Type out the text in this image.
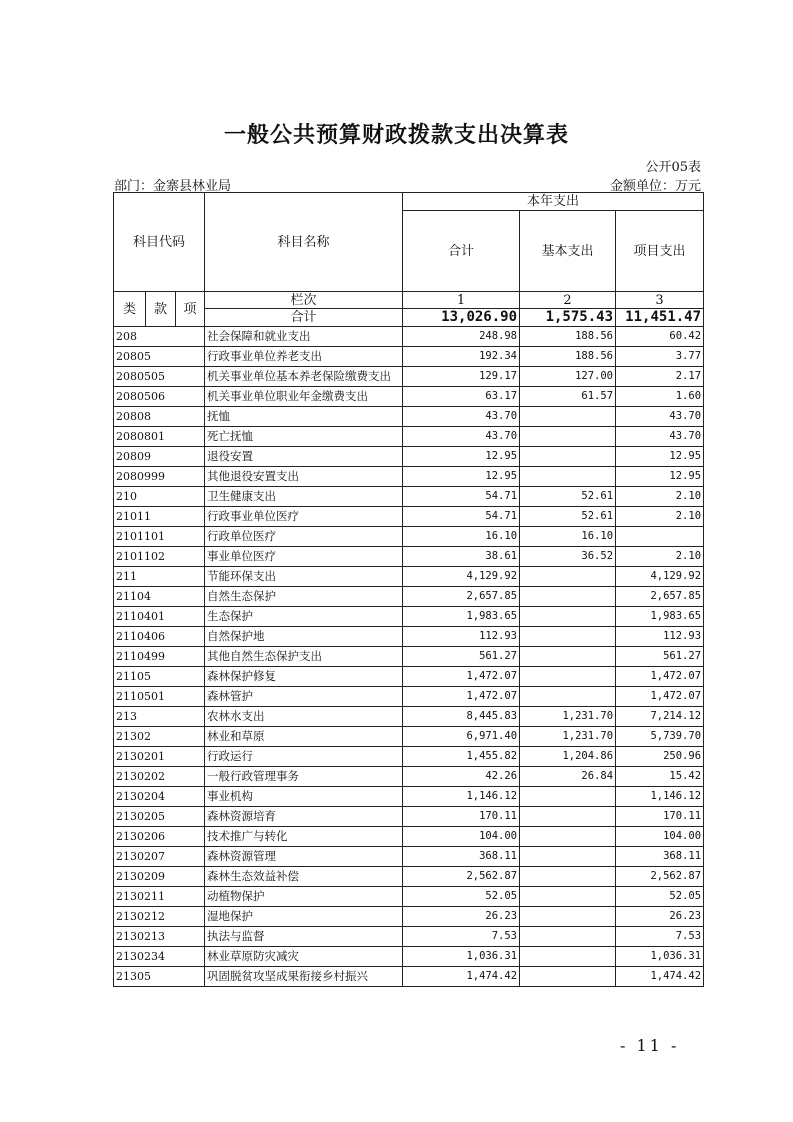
一般公共预算财政拨款支出决算表
公开05表
部门：金寨县林业局	金额单位：万元
科目代码			科目名称	本年支出		
				合计	基本支出	项目支出

类	款	项	栏次	1	2	3
			合计	13,026.90	1,575.43	11,451.47
208			社会保障和就业支出	248.98	188.56	60.42
20805			行政事业单位养老支出	192.34	188.56	3.77
2080505			机关事业单位基本养老保险缴费支出	129.17	127.00	2.17
2080506			机关事业单位职业年金缴费支出	63.17	61.57	1.60
20808			抚恤	43.70		43.70
2080801			死亡抚恤	43.70		43.70
20809			退役安置	12.95		12.95
2080999			其他退役安置支出	12.95		12.95
210			卫生健康支出	54.71	52.61	2.10
21011			行政事业单位医疗	54.71	52.61	2.10
2101101			行政单位医疗	16.10	16.10	
2101102			事业单位医疗	38.61	36.52	2.10
211			节能环保支出	4,129.92		4,129.92
21104			自然生态保护	2,657.85		2,657.85
2110401			生态保护	1,983.65		1,983.65
2110406			自然保护地	112.93		112.93
2110499			其他自然生态保护支出	561.27		561.27
21105			森林保护修复	1,472.07		1,472.07
2110501			森林管护	1,472.07		1,472.07
213			农林水支出	8,445.83	1,231.70	7,214.12
21302			林业和草原	6,971.40	1,231.70	5,739.70
2130201			行政运行	1,455.82	1,204.86	250.96
2130202			一般行政管理事务	42.26	26.84	15.42
2130204			事业机构	1,146.12		1,146.12
2130205			森林资源培育	170.11		170.11
2130206			技术推广与转化	104.00		104.00
2130207			森林资源管理	368.11		368.11
2130209			森林生态效益补偿	2,562.87		2,562.87
2130211			动植物保护	52.05		52.05
2130212			湿地保护	26.23		26.23
2130213			执法与监督	7.53		7.53
2130234			林业草原防灾减灾	1,036.31		1,036.31
21305			巩固脱贫攻坚成果衔接乡村振兴	1,474.42		1,474.42
- 11 -
